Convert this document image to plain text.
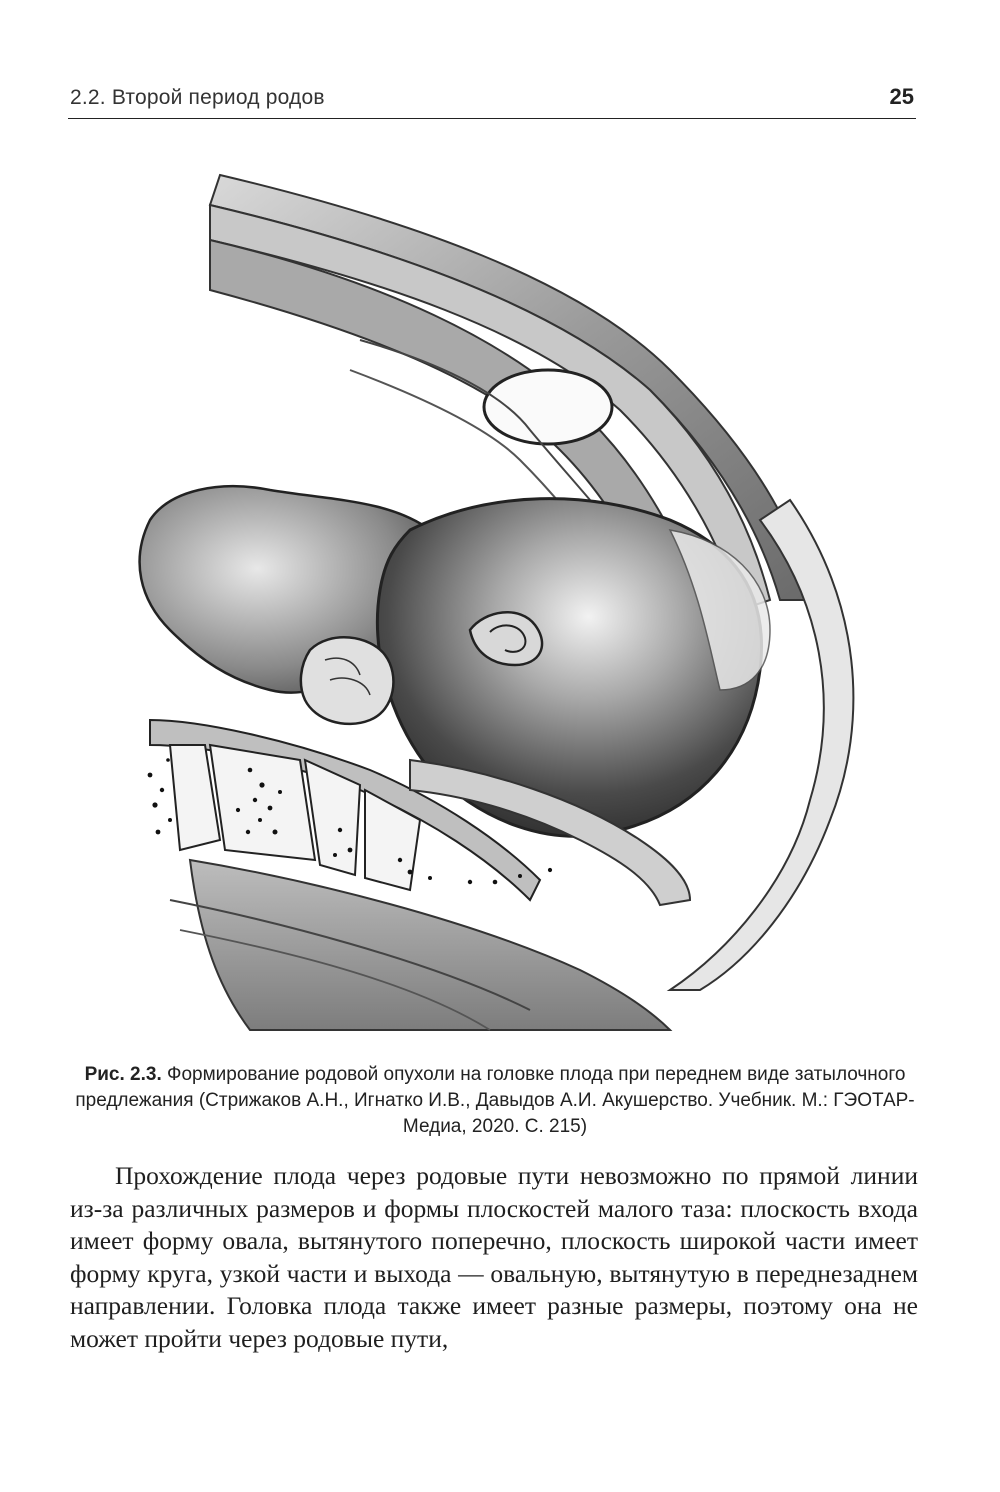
2.2. Второй период родов	25
Рис. 2.3. Формирование родовой опухоли на головке плода при переднем виде затылочного предлежания (Стрижаков А.Н., Игнатко И.В., Давыдов А.И. Акушерство. Учебник. М.: ГЭОТАР-Медиа, 2020. С. 215)

Прохождение плода через родовые пути невозможно по прямой линии из-за различных размеров и формы плоскостей малого таза: плоскость входа имеет форму овала, вытянутого поперечно, плоскость широкой части имеет форму круга, узкой части и выхода — овальную, вытянутую в переднезаднем направлении. Головка плода также имеет разные размеры, поэтому она не может пройти через родовые пути,
